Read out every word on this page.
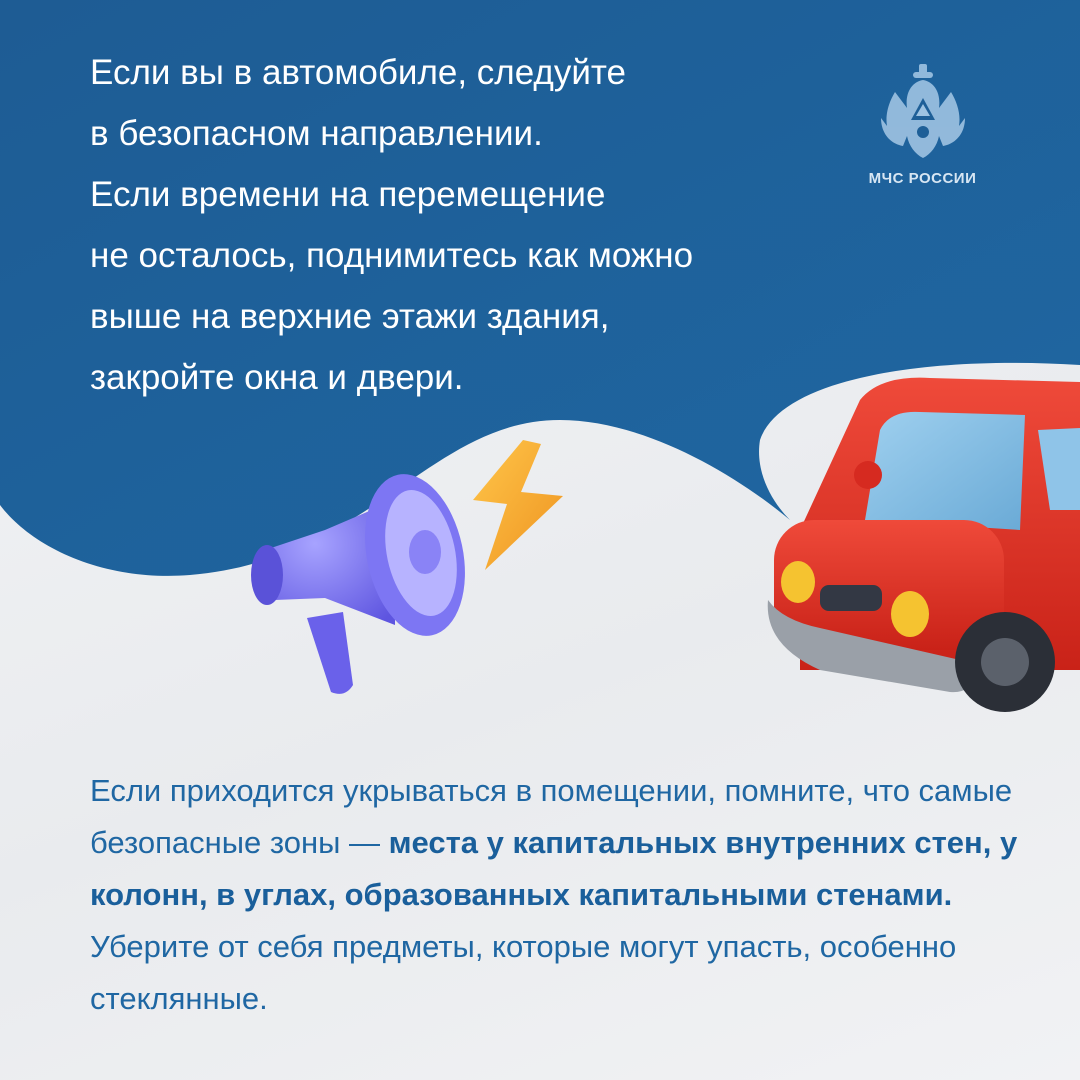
Если вы в автомобиле, следуйте
в безопасном направлении.
Если времени на перемещение
не осталось, поднимитесь как можно
выше на верхние этажи здания,
закройте окна и двери.

МЧС РОССИИ

Если приходится укрываться в помещении, помните, что самые безопасные зоны — места у капитальных внутренних стен, у колонн, в углах, образованных капитальными стенами. Уберите от себя предметы, которые могут упасть, особенно стеклянные.
